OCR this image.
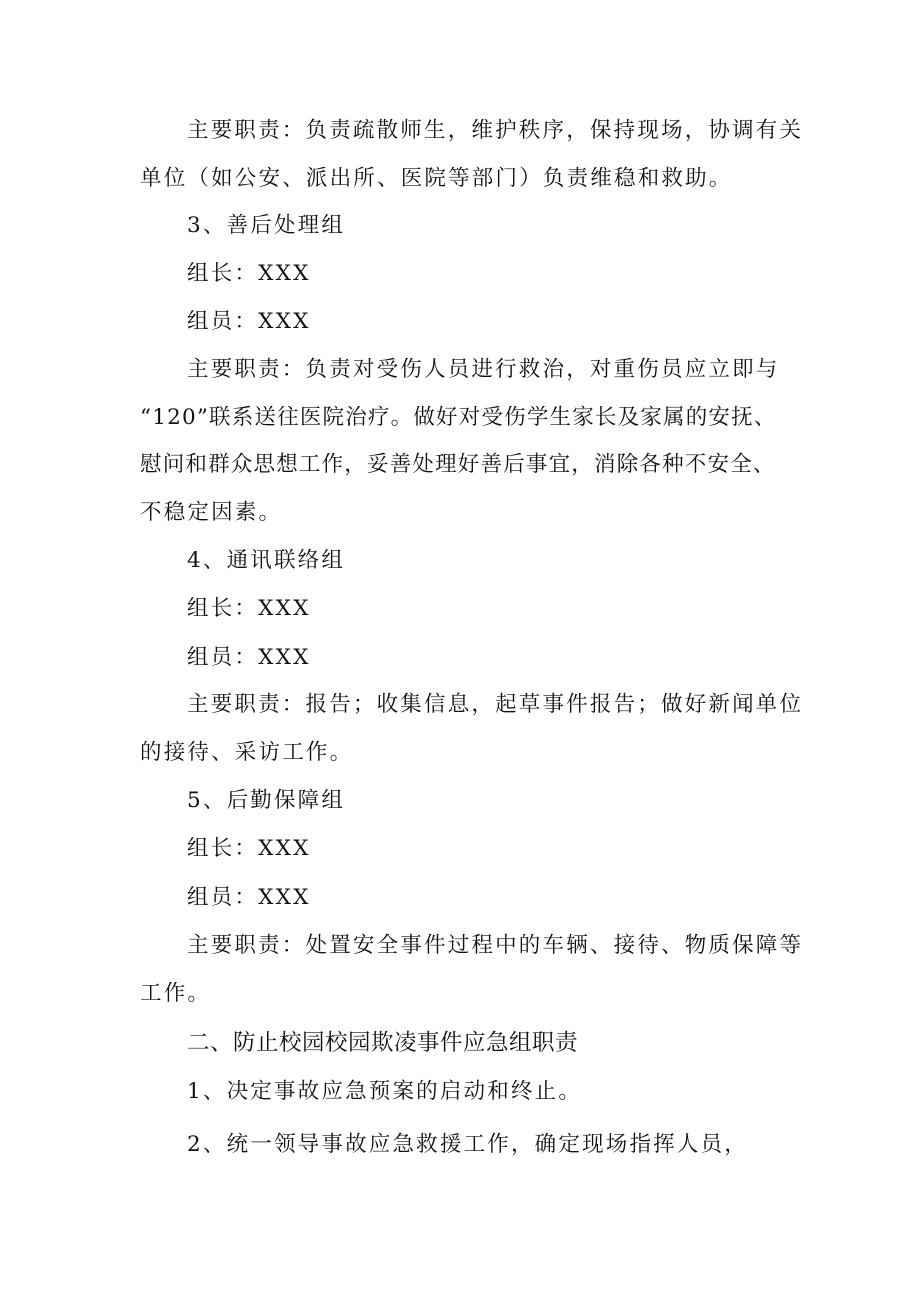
主要职责：负责疏散师生，维护秩序，保持现场，协调有关
单位（如公安、派出所、医院等部门）负责维稳和救助。
3、善后处理组
组长：XXX
组员：XXX
主要职责：负责对受伤人员进行救治，对重伤员应立即与
“120”联系送往医院治疗。做好对受伤学生家长及家属的安抚、
慰问和群众思想工作，妥善处理好善后事宜，消除各种不安全、
不稳定因素。
4、通讯联络组
组长：XXX
组员：XXX
主要职责：报告；收集信息，起草事件报告；做好新闻单位
的接待、采访工作。
5、后勤保障组
组长：XXX
组员：XXX
主要职责：处置安全事件过程中的车辆、接待、物质保障等
工作。
二、防止校园校园欺凌事件应急组职责
1、决定事故应急预案的启动和终止。
2、统一领导事故应急救援工作，确定现场指挥人员，
